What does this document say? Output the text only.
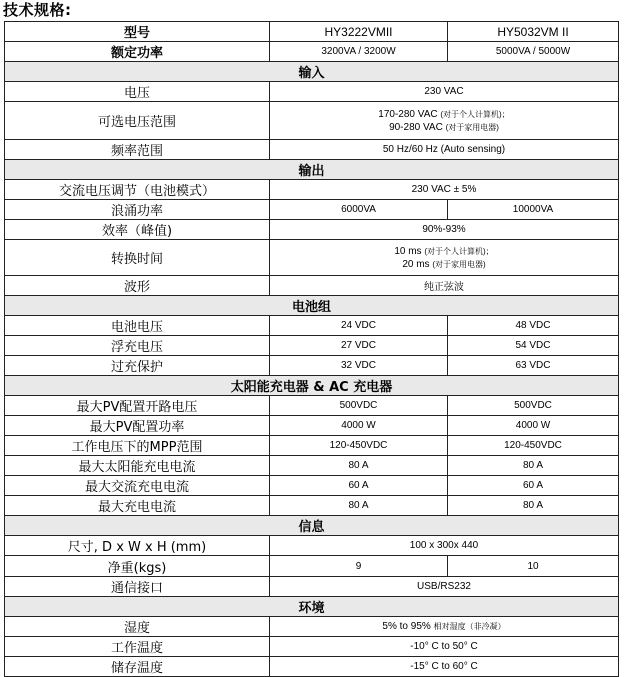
技术规格:
型号	HY3222VMII	HY5032VM II
额定功率	3200VA / 3200W	5000VA / 5000W
输入		
电压	230 VAC	
可选电压范围	170-280 VAC (对于个人计算机)；
90-280 VAC (对于家用电器)	

频率范围	50 Hz/60 Hz (Auto sensing)	
输出		
交流电压调节（电池模式）	230 VAC ± 5%	
浪涌功率	6000VA	10000VA
效率（峰值)	90%-93%	
转换时间	10 ms (对于个人计算机)；
20 ms (对于家用电器)	

波形	纯正弦波	
电池组		
电池电压	24 VDC	48 VDC
浮充电压	27 VDC	54 VDC
过充保护	32 VDC	63 VDC
太阳能充电器 & AC 充电器		
最大PV配置开路电压	500VDC	500VDC
最大PV配置功率	4000 W	4000 W
工作电压下的MPP范围	120-450VDC	120-450VDC
最大太阳能充电电流	80 A	80 A
最大交流充电电流	60 A	60 A
最大充电电流	80 A	80 A
信息		
尺寸, D x W x H (mm)	100 x 300x 440	
净重(kgs)	9	10
通信接口	USB/RS232	
环境		
湿度	5% to 95% 相对湿度（非冷凝）	
工作温度	-10° C to 50° C	
储存温度	-15° C to 60° C	
